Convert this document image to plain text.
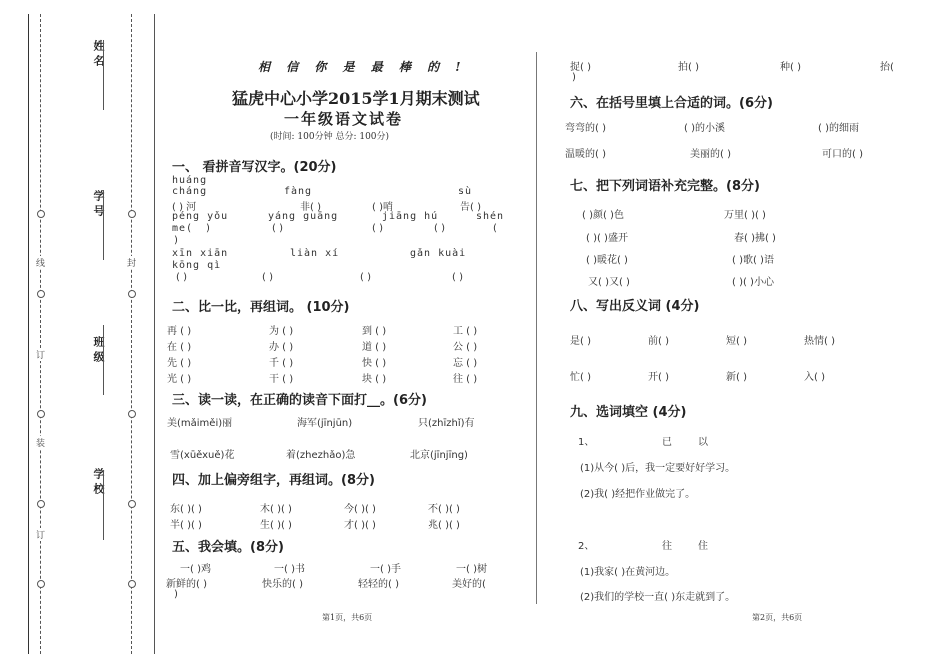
线
订
装
订
封
姓 名
学 号
班 级
学 校
相 信 你 是 最 棒 的 !
猛虎中心小学2015学1月期末测试
一年级语文试卷
(时间: 100分钟 总分: 100分)
一、 看拼音写汉字。(20分)
huáng
cháng	fàng	sù
( ) 河	非( )	( )哨	告( )
péng yǒu	yáng guāng	jiāng hú	shén
me( )	( )	( )	( )	(
)
xīn xiān	liàn xí	gǎn kuài
kōng qì
( )	( )	( )	( )
二、比一比，再组词。 (10分)
再 ( )	为 ( )	到 ( )	工 ( )
在 ( )	办 ( )	道 ( )	公 ( )
先 ( )	千 ( )	快 ( )	忘 ( )
光 ( )	干 ( )	块 ( )	往 ( )
三、读一读，在正确的读音下面打__。(6分)
美(mǎiměi)丽	海军(jīnjūn)	只(zhīzhǐ)有
雪(xūěxuě)花	着(zhezhǎo)急	北京(jīnjīng)
四、加上偏旁组字，再组词。(8分)
东( )( )	木( )( )	今( )( )	不( )( )
半( )( )	生( )( )	才( )( )	兆( )( )
五、我会填。(8分)
一( )鸡	一( )书	一( )手	一( )树
新鲜的( )	快乐的( )	轻轻的( )	美好的(
)
第1页，共6页
捉( )	拍( )	种( )	抬(
)
六、在括号里填上合适的词。(6分)
弯弯的( )	( )的小溪	( )的细雨
温暖的( )	美丽的( )	可口的( )
七、把下列词语补充完整。(8分)
( )颜( )色	万里( )( )
( )( )盛开	春( )拂( )
( )暖花( )	( )歌( )语
又( )又( )	( )( )小心
八、写出反义词 (4分)
是( )	前( )	短( )	热情( )
忙( )	开( )	新( )	入( )
九、选词填空 (4分)
1、	已	以
(1)从今( )后，我一定要好好学习。
(2)我( )经把作业做完了。
2、	往	住
(1)我家( )在黄河边。
(2)我们的学校一直( )东走就到了。
第2页，共6页
